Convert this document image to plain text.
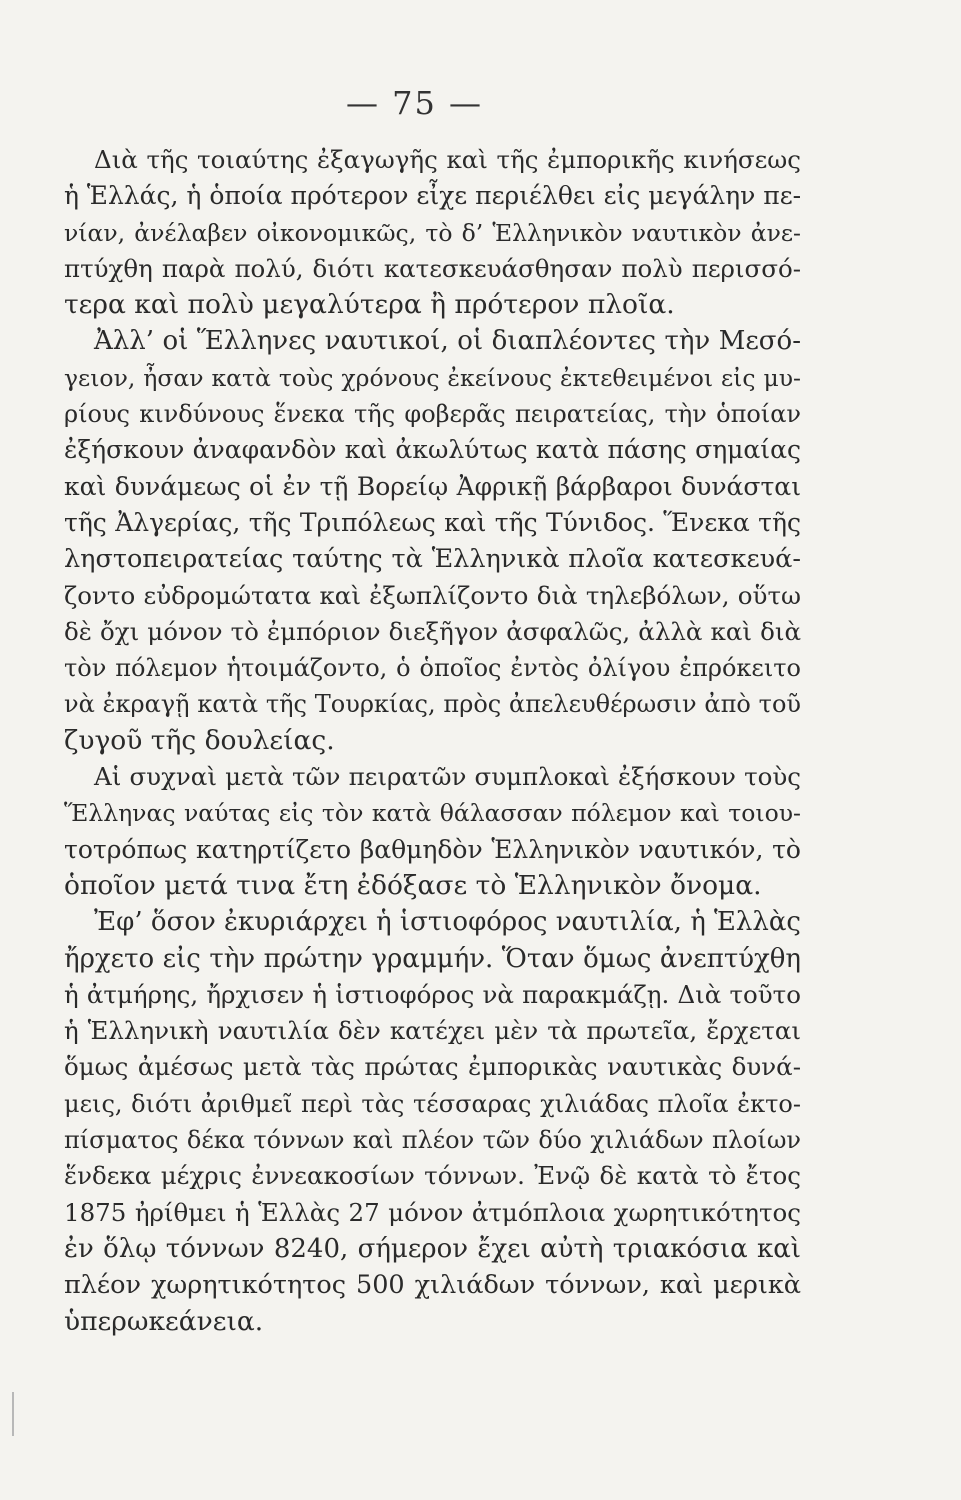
— 75 —
Διὰ τῆς τοιαύτης ἐξαγωγῆς καὶ τῆς ἐμπορικῆς κινήσεως
ἡ Ἑλλάς, ἡ ὁποία πρότερον εἶχε περιέλθει εἰς μεγάλην πε-
νίαν, ἀνέλαβεν οἰκονομικῶς, τὸ δ’ Ἑλληνικὸν ναυτικὸν ἀνε-
πτύχθη παρὰ πολύ, διότι κατεσκευάσθησαν πολὺ περισσό-
τερα καὶ πολὺ μεγαλύτερα ἢ πρότερον πλοῖα.
Ἀλλ’ οἱ Ἕλληνες ναυτικοί, οἱ διαπλέοντες τὴν Μεσό-
γειον, ἦσαν κατὰ τοὺς χρόνους ἐκείνους ἐκτεθειμένοι εἰς μυ-
ρίους κινδύνους ἕνεκα τῆς φοβερᾶς πειρατείας, τὴν ὁποίαν
ἐξήσκουν ἀναφανδὸν καὶ ἀκωλύτως κατὰ πάσης σημαίας
καὶ δυνάμεως οἱ ἐν τῇ Βορείῳ Ἀφρικῇ βάρβαροι δυνάσται
τῆς Ἀλγερίας, τῆς Τριπόλεως καὶ τῆς Τύνιδος. Ἕνεκα τῆς
ληστοπειρατείας ταύτης τὰ Ἑλληνικὰ πλοῖα κατεσκευά-
ζοντο εὐδρομώτατα καὶ ἐξωπλίζοντο διὰ τηλεβόλων, οὕτω
δὲ ὄχι μόνον τὸ ἐμπόριον διεξῆγον ἀσφαλῶς, ἀλλὰ καὶ διὰ
τὸν πόλεμον ἡτοιμάζοντο, ὁ ὁποῖος ἐντὸς ὀλίγου ἐπρόκειτο
νὰ ἐκραγῇ κατὰ τῆς Τουρκίας, πρὸς ἀπελευθέρωσιν ἀπὸ τοῦ
ζυγοῦ τῆς δουλείας.
Αἱ συχναὶ μετὰ τῶν πειρατῶν συμπλοκαὶ ἐξήσκουν τοὺς
Ἕλληνας ναύτας εἰς τὸν κατὰ θάλασσαν πόλεμον καὶ τοιου-
τοτρόπως κατηρτίζετο βαθμηδὸν Ἑλληνικὸν ναυτικόν, τὸ
ὁποῖον μετά τινα ἔτη ἐδόξασε τὸ Ἑλληνικὸν ὄνομα.
Ἐφ’ ὅσον ἐκυριάρχει ἡ ἱστιοφόρος ναυτιλία, ἡ Ἑλλὰς
ἤρχετο εἰς τὴν πρώτην γραμμήν. Ὅταν ὅμως ἀνεπτύχθη
ἡ ἀτμήρης, ἤρχισεν ἡ ἱστιοφόρος νὰ παρακμάζῃ. Διὰ τοῦτο
ἡ Ἑλληνικὴ ναυτιλία δὲν κατέχει μὲν τὰ πρωτεῖα, ἔρχεται
ὅμως ἀμέσως μετὰ τὰς πρώτας ἐμπορικὰς ναυτικὰς δυνά-
μεις, διότι ἀριθμεῖ περὶ τὰς τέσσαρας χιλιάδας πλοῖα ἐκτο-
πίσματος δέκα τόννων καὶ πλέον τῶν δύο χιλιάδων πλοίων
ἕνδεκα μέχρις ἐννεακοσίων τόννων. Ἐνῷ δὲ κατὰ τὸ ἔτος
1875 ἠρίθμει ἡ Ἑλλὰς 27 μόνον ἀτμόπλοια χωρητικότητος
ἐν ὅλῳ τόννων 8240, σήμερον ἔχει αὐτὴ τριακόσια καὶ
πλέον χωρητικότητος 500 χιλιάδων τόννων, καὶ μερικὰ
ὑπερωκεάνεια.
